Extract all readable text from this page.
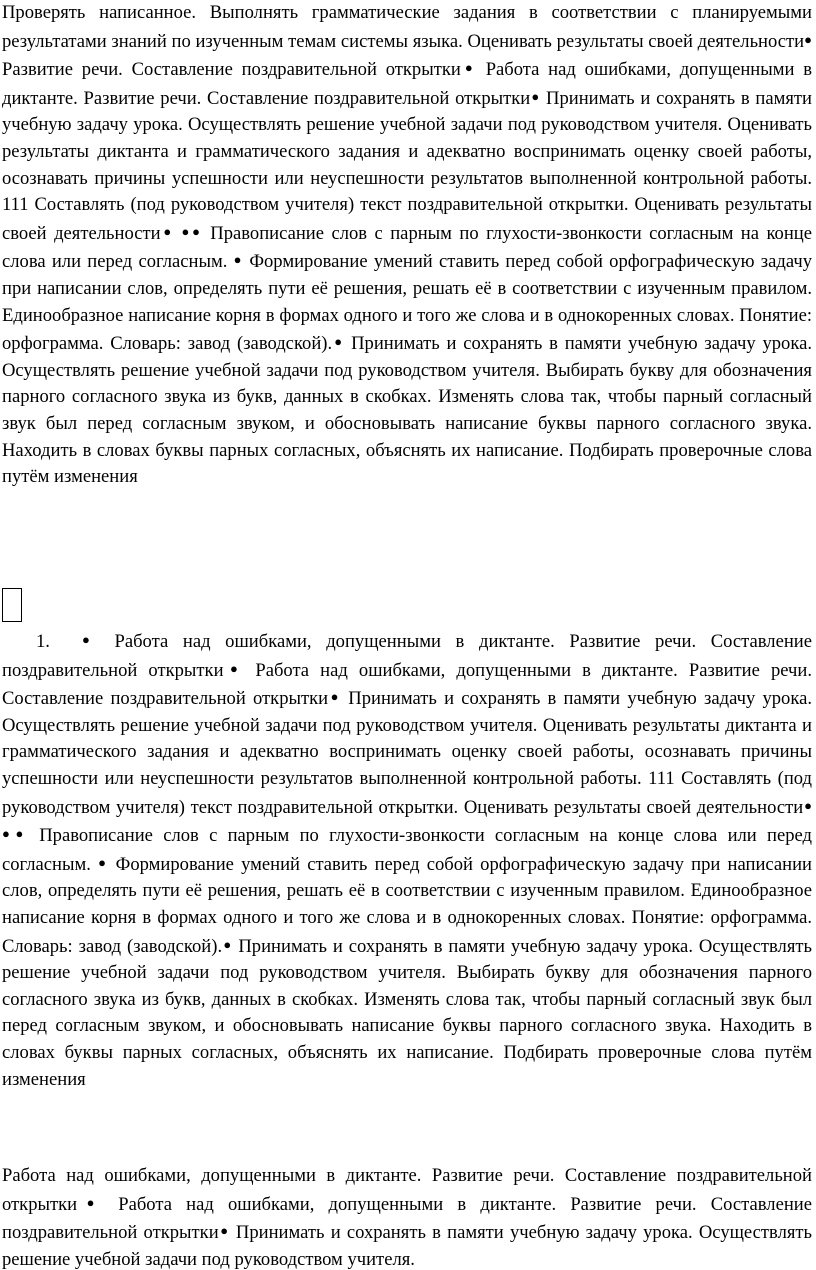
Проверять написанное. Выполнять грамматические задания в соответствии с планируемыми результатами знаний по изученным темам системы языка. Оценивать результаты своей деятельности● Развитие речи. Составление поздравительной открытки● Работа над ошибками, допущенными в диктанте. Развитие речи. Составление поздравительной открытки● Принимать и сохранять в памяти учебную задачу урока. Осуществлять решение учебной задачи под руководством учителя. Оценивать результаты диктанта и грамматического задания и адекватно воспринимать оценку своей работы, осознавать причины успешности или неуспешности результатов выполненной контрольной работы. 111 Составлять (под руководством учителя) текст поздравительной открытки. Оценивать результаты своей деятельности● ●● Правописание слов с парным по глухости-звонкости согласным на конце слова или перед согласным. ● Формирование умений ставить перед собой орфографическую задачу при написании слов, определять пути её решения, решать её в соответствии с изученным правилом. Единообразное написание корня в формах одного и того же слова и в однокоренных словах. Понятие: орфограмма. Словарь: завод (заводской).● Принимать и сохранять в памяти учебную задачу урока. Осуществлять решение учебной задачи под руководством учителя. Выбирать букву для обозначения парного согласного звука из букв, данных в скобках. Изменять слова так, чтобы парный согласный звук был перед согласным звуком, и обосновывать написание буквы парного согласного звука. Находить в словах буквы парных согласных, объяснять их написание. Подбирать проверочные слова путём изменения

1. ● Работа над ошибками, допущенными в диктанте. Развитие речи. Составление поздравительной открытки● Работа над ошибками, допущенными в диктанте. Развитие речи. Составление поздравительной открытки● Принимать и сохранять в памяти учебную задачу урока. Осуществлять решение учебной задачи под руководством учителя. Оценивать результаты диктанта и грамматического задания и адекватно воспринимать оценку своей работы, осознавать причины успешности или неуспешности результатов выполненной контрольной работы. 111 Составлять (под руководством учителя) текст поздравительной открытки. Оценивать результаты своей деятельности● ●● Правописание слов с парным по глухости-звонкости согласным на конце слова или перед согласным. ● Формирование умений ставить перед собой орфографическую задачу при написании слов, определять пути её решения, решать её в соответствии с изученным правилом. Единообразное написание корня в формах одного и того же слова и в однокоренных словах. Понятие: орфограмма. Словарь: завод (заводской).● Принимать и сохранять в памяти учебную задачу урока. Осуществлять решение учебной задачи под руководством учителя. Выбирать букву для обозначения парного согласного звука из букв, данных в скобках. Изменять слова так, чтобы парный согласный звук был перед согласным звуком, и обосновывать написание буквы парного согласного звука. Находить в словах буквы парных согласных, объяснять их написание. Подбирать проверочные слова путём изменения

Работа над ошибками, допущенными в диктанте. Развитие речи. Составление поздравительной открытки● Работа над ошибками, допущенными в диктанте. Развитие речи. Составление поздравительной открытки● Принимать и сохранять в памяти учебную задачу урока. Осуществлять решение учебной задачи под руководством учителя.
